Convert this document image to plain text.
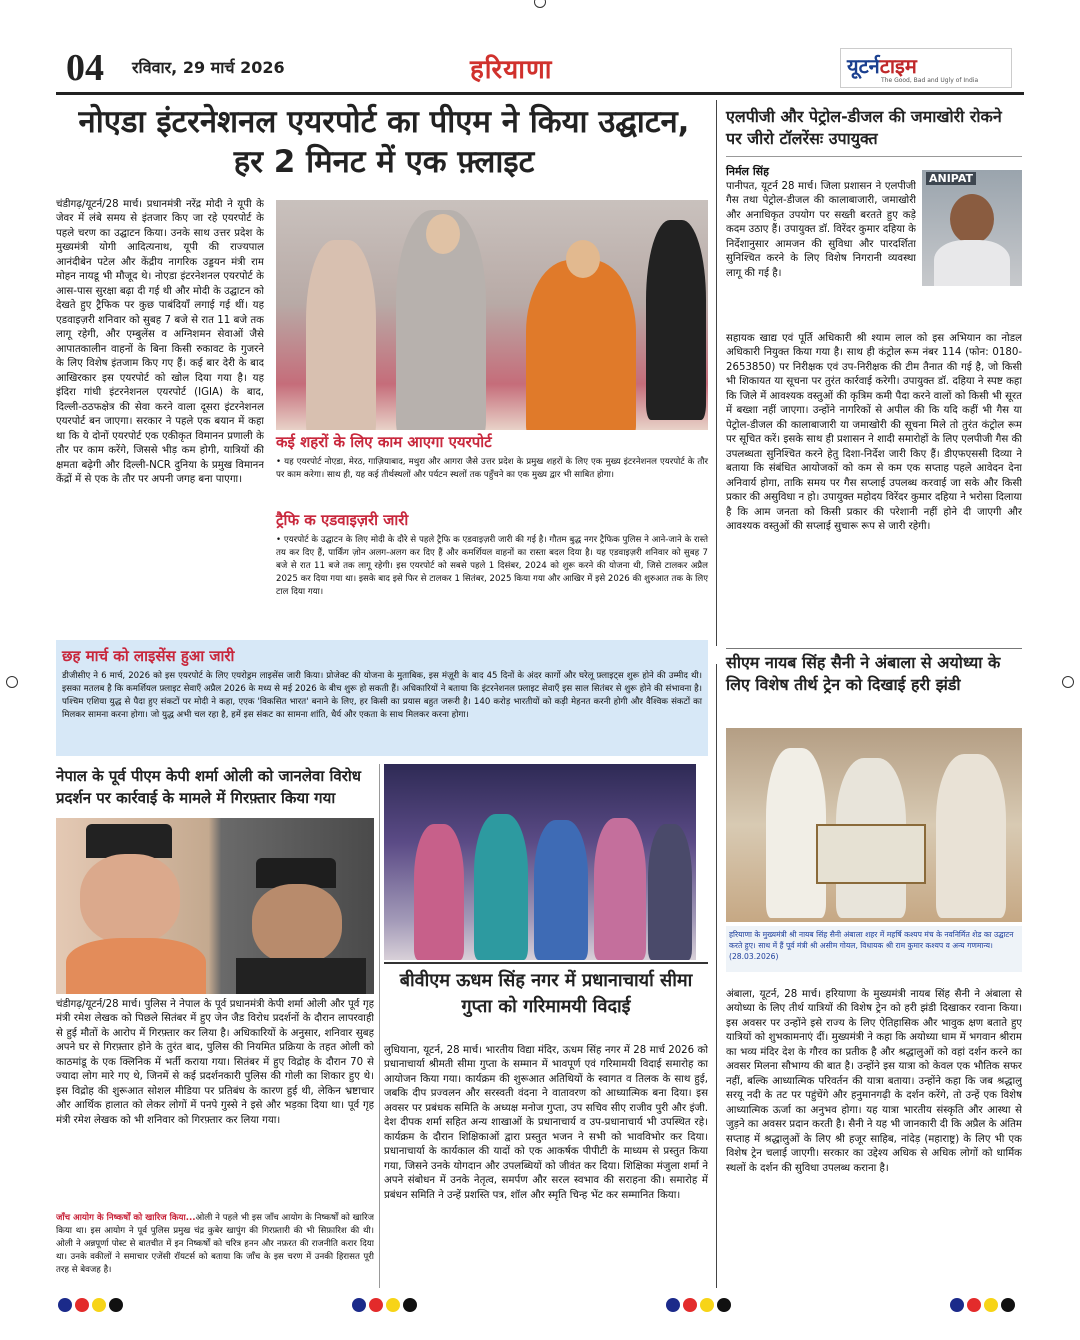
04 रविवार, 29 मार्च 2026	हरियाणा	यूटर्नटाइम
The Good, Bad and Ugly of India
नोएडा इंटरनेशनल एयरपोर्ट का पीएम ने किया उद्घाटन, हर 2 मिनट में एक फ़्लाइट
चंडीगढ़/यूटर्न/28 मार्च। प्रधानमंत्री नरेंद्र मोदी ने यूपी के जेवर में लंबे समय से इंतजार किए जा रहे एयरपोर्ट के पहले चरण का उद्घाटन किया। उनके साथ उत्तर प्रदेश के मुख्यमंत्री योगी आदित्यनाथ, यूपी की राज्यपाल आनंदीबेन पटेल और केंद्रीय नागरिक उड्डयन मंत्री राम मोहन नायडू भी मौजूद थे। नोएडा इंटरनेशनल एयरपोर्ट के आस-पास सुरक्षा बढ़ा दी गई थी और मोदी के उद्घाटन को देखते हुए ट्रैफिक पर कुछ पाबंदियाँ लगाई गई थीं। यह एडवाइज़री शनिवार को सुबह 7 बजे से रात 11 बजे तक लागू रहेगी, और एम्बुलेंस व अग्निशमन सेवाओं जैसे आपातकालीन वाहनों के बिना किसी रुकावट के गुजरने के लिए विशेष इंतजाम किए गए हैं। कई बार देरी के बाद आखिरकार इस एयरपोर्ट को खोल दिया गया है। यह इंदिरा गांधी इंटरनेशनल एयरपोर्ट (IGIA) के बाद, दिल्ली-ठठफक्षेत्र की सेवा करने वाला दूसरा इंटरनेशनल एयरपोर्ट बन जाएगा। सरकार ने पहले एक बयान में कहा था कि ये दोनों एयरपोर्ट एक एकीकृत विमानन प्रणाली के तौर पर काम करेंगे, जिससे भीड़ कम होगी, यात्रियों की क्षमता बढ़ेगी और दिल्ली-NCR दुनिया के प्रमुख विमानन केंद्रों में से एक के तौर पर अपनी जगह बना पाएगा।
कई शहरों के लिए काम आएगा एयरपोर्ट
• यह एयरपोर्ट नोएडा, मेरठ, गाज़ियाबाद, मथुरा और आगरा जैसे उत्तर प्रदेश के प्रमुख शहरों के लिए एक मुख्य इंटरनेशनल एयरपोर्ट के तौर पर काम करेगा। साथ ही, यह कई तीर्थस्थलों और पर्यटन स्थलों तक पहुँचने का एक मुख्य द्वार भी साबित होगा।
ट्रैफि क एडवाइज़री जारी
• एयरपोर्ट के उद्घाटन के लिए मोदी के दौरे से पहले ट्रैफि क एडवाइज़री जारी की गई है। गौतम बुद्ध नगर ट्रैफिक पुलिस ने आने-जाने के रास्ते तय कर दिए हैं, पार्किंग ज़ोन अलग-अलग कर दिए हैं और कमर्शियल वाहनों का रास्ता बदल दिया है। यह एडवाइज़री शनिवार को सुबह 7 बजे से रात 11 बजे तक लागू रहेगी। इस एयरपोर्ट को सबसे पहले 1 दिसंबर, 2024 को शुरू करने की योजना थी, जिसे टालकर अप्रैल 2025 कर दिया गया था। इसके बाद इसे फिर से टालकर 1 सितंबर, 2025 किया गया और आखिर में इसे 2026 की शुरुआत तक के लिए टाल दिया गया।
छह मार्च को लाइसेंस हुआ जारी
डीजीसीए ने 6 मार्च, 2026 को इस एयरपोर्ट के लिए एयरोड्रम लाइसेंस जारी किया। प्रोजेक्ट की योजना के मुताबिक, इस मंज़ूरी के बाद 45 दिनों के अंदर कार्गो और घरेलू फ़्लाइट्स शुरू होने की उम्मीद थी। इसका मतलब है कि कमर्शियल फ़्लाइट सेवाएँ अप्रैल 2026 के मध्य से मई 2026 के बीच शुरू हो सकती हैं। अधिकारियों ने बताया कि इंटरनेशनल फ़्लाइट सेवाएँ इस साल सितंबर से शुरू होने की संभावना है। पश्चिम एशिया युद्ध से पैदा हुए संकटों पर मोदी ने कहा, एएक 'विकसित भारत' बनाने के लिए, हर किसी का प्रयास बहुत जरूरी है। 140 करोड़ भारतीयों को कड़ी मेहनत करनी होगी और वैश्विक संकटों का मिलकर सामना करना होगा। जो युद्ध अभी चल रहा है, हमें इस संकट का सामना शांति, धैर्य और एकता के साथ मिलकर करना होगा।
एलपीजी और पेट्रोल-डीजल की जमाखोरी रोकने पर जीरो टॉलरेंसः उपायुक्त
निर्मल सिंह
पानीपत, यूटर्न 28 मार्च। जिला प्रशासन ने एलपीजी गैस तथा पेट्रोल-डीजल की कालाबाजारी, जमाखोरी और अनाधिकृत उपयोग पर सख्ती बरतते हुए कड़े कदम उठाए हैं। उपायुक्त डॉ. विरेंदर कुमार दहिया के निर्देशानुसार आमजन की सुविधा और पारदर्शिता सुनिश्चित करने के लिए विशेष निगरानी व्यवस्था लागू की गई है।
ANIPAT
सहायक खाद्य एवं पूर्ति अधिकारी श्री श्याम लाल को इस अभियान का नोडल अधिकारी नियुक्त किया गया है। साथ ही कंट्रोल रूम नंबर 114 (फोन: 0180-2653850) पर निरीक्षक एवं उप-निरीक्षक की टीम तैनात की गई है, जो किसी भी शिकायत या सूचना पर तुरंत कार्रवाई करेगी। उपायुक्त डॉ. दहिया ने स्पष्ट कहा कि जिले में आवश्यक वस्तुओं की कृत्रिम कमी पैदा करने वालों को किसी भी सूरत में बख्शा नहीं जाएगा। उन्होंने नागरिकों से अपील की कि यदि कहीं भी गैस या पेट्रोल-डीजल की कालाबाजारी या जमाखोरी की सूचना मिले तो तुरंत कंट्रोल रूम पर सूचित करें। इसके साथ ही प्रशासन ने शादी समारोहों के लिए एलपीजी गैस की उपलब्धता सुनिश्चित करने हेतु दिशा-निर्देश जारी किए हैं। डीएफएससी दिव्या ने बताया कि संबंधित आयोजकों को कम से कम एक सप्ताह पहले आवेदन देना अनिवार्य होगा, ताकि समय पर गैस सप्लाई उपलब्ध करवाई जा सके और किसी प्रकार की असुविधा न हो। उपायुक्त महोदय विरेंदर कुमार दहिया ने भरोसा दिलाया है कि आम जनता को किसी प्रकार की परेशानी नहीं होने दी जाएगी और आवश्यक वस्तुओं की सप्लाई सुचारू रूप से जारी रहेगी।
सीएम नायब सिंह सैनी ने अंबाला से अयोध्या के लिए विशेष तीर्थ ट्रेन को दिखाई हरी झंडी
हरियाणा के मुख्यमंत्री श्री नायब सिंह सैनी अंबाला शहर में महर्षि कश्यप मंच के नवनिर्मित शेड का उद्घाटन करते हुए। साथ में हैं पूर्व मंत्री श्री असीम गोयल, विधायक श्री राम कुमार कश्यप व अन्य गणमान्य। (28.03.2026)
अंबाला, यूटर्न, 28 मार्च। हरियाणा के मुख्यमंत्री नायब सिंह सैनी ने अंबाला से अयोध्या के लिए तीर्थ यात्रियों की विशेष ट्रेन को हरी झंडी दिखाकर रवाना किया। इस अवसर पर उन्होंने इसे राज्य के लिए ऐतिहासिक और भावुक क्षण बताते हुए यात्रियों को शुभकामनाएं दीं। मुख्यमंत्री ने कहा कि अयोध्या धाम में भगवान श्रीराम का भव्य मंदिर देश के गौरव का प्रतीक है और श्रद्धालुओं को वहां दर्शन करने का अवसर मिलना सौभाग्य की बात है। उन्होंने इस यात्रा को केवल एक भौतिक सफर नहीं, बल्कि आध्यात्मिक परिवर्तन की यात्रा बताया। उन्होंने कहा कि जब श्रद्धालु सरयू नदी के तट पर पहुंचेंगे और हनुमानगढ़ी के दर्शन करेंगे, तो उन्हें एक विशेष आध्यात्मिक ऊर्जा का अनुभव होगा। यह यात्रा भारतीय संस्कृति और आस्था से जुड़ने का अवसर प्रदान करती है। सैनी ने यह भी जानकारी दी कि अप्रैल के अंतिम सप्ताह में श्रद्धालुओं के लिए श्री हजूर साहिब, नांदेड़ (महाराष्ट्र) के लिए भी एक विशेष ट्रेन चलाई जाएगी। सरकार का उद्देश्य अधिक से अधिक लोगों को धार्मिक स्थलों के दर्शन की सुविधा उपलब्ध कराना है।
नेपाल के पूर्व पीएम केपी शर्मा ओली को जानलेवा विरोध प्रदर्शन पर कार्रवाई के मामले में गिरफ़्तार किया गया
चंडीगढ़/यूटर्न/28 मार्च। पुलिस ने नेपाल के पूर्व प्रधानमंत्री केपी शर्मा ओली और पूर्व गृह मंत्री रमेश लेखक को पिछले सितंबर में हुए जेन जैड विरोध प्रदर्शनों के दौरान लापरवाही से हुई मौतों के आरोप में गिरफ़्तार कर लिया है। अधिकारियों के अनुसार, शनिवार सुबह अपने घर से गिरफ़्तार होने के तुरंत बाद, पुलिस की नियमित प्रक्रिया के तहत ओली को काठमांडू के एक क्लिनिक में भर्ती कराया गया। सितंबर में हुए विद्रोह के दौरान 70 से ज्यादा लोग मारे गए थे, जिनमें से कई प्रदर्शनकारी पुलिस की गोली का शिकार हुए थे। इस विद्रोह की शुरूआत सोशल मीडिया पर प्रतिबंध के कारण हुई थी, लेकिन भ्रष्टाचार और आर्थिक हालात को लेकर लोगों में पनपे गुस्से ने इसे और भड़का दिया था। पूर्व गृह मंत्री रमेश लेखक को भी शनिवार को गिरफ़्तार कर लिया गया।
जाँच आयोग के निष्कर्षों को खारिज किया...ओली ने पहले भी इस जाँच आयोग के निष्कर्षों को खारिज किया था। इस आयोग ने पूर्व पुलिस प्रमुख चंद्र कुबेर खापुंग की गिरफ़्तारी की भी सिफ़ारिश की थी। ओली ने अन्नपूर्णा पोस्ट से बातचीत में इन निष्कर्षों को चरित्र हनन और नफ़रत की राजनीति करार दिया था। उनके वकीलों ने समाचार एजेंसी रॉयटर्स को बताया कि जाँच के इस चरण में उनकी हिरासत पूरी तरह से बेवजह है।
बीवीएम ऊधम सिंह नगर में प्रधानाचार्या सीमा गुप्ता को गरिमामयी विदाई
लुधियाना, यूटर्न, 28 मार्च। भारतीय विद्या मंदिर, ऊधम सिंह नगर में 28 मार्च 2026 को प्रधानाचार्या श्रीमती सीमा गुप्ता के सम्मान में भावपूर्ण एवं गरिमामयी विदाई समारोह का आयोजन किया गया। कार्यक्रम की शुरूआत अतिथियों के स्वागत व तिलक के साथ हुई, जबकि दीप प्रज्वलन और सरस्वती वंदना ने वातावरण को आध्यात्मिक बना दिया। इस अवसर पर प्रबंधक समिति के अध्यक्ष मनोज गुप्ता, उप सचिव सीए राजीव पुरी और इंजी. देश दीपक शर्मा सहित अन्य शाखाओं के प्रधानाचार्य व उप-प्रधानाचार्य भी उपस्थित रहे। कार्यक्रम के दौरान शिक्षिकाओं द्वारा प्रस्तुत भजन ने सभी को भावविभोर कर दिया। प्रधानाचार्या के कार्यकाल की यादों को एक आकर्षक पीपीटी के माध्यम से प्रस्तुत किया गया, जिसने उनके योगदान और उपलब्धियों को जीवंत कर दिया। शिक्षिका मंजुला शर्मा ने अपने संबोधन में उनके नेतृत्व, समर्पण और सरल स्वभाव की सराहना की। समारोह में प्रबंधन समिति ने उन्हें प्रशस्ति पत्र, शॉल और स्मृति चिन्ह भेंट कर सम्मानित किया।
